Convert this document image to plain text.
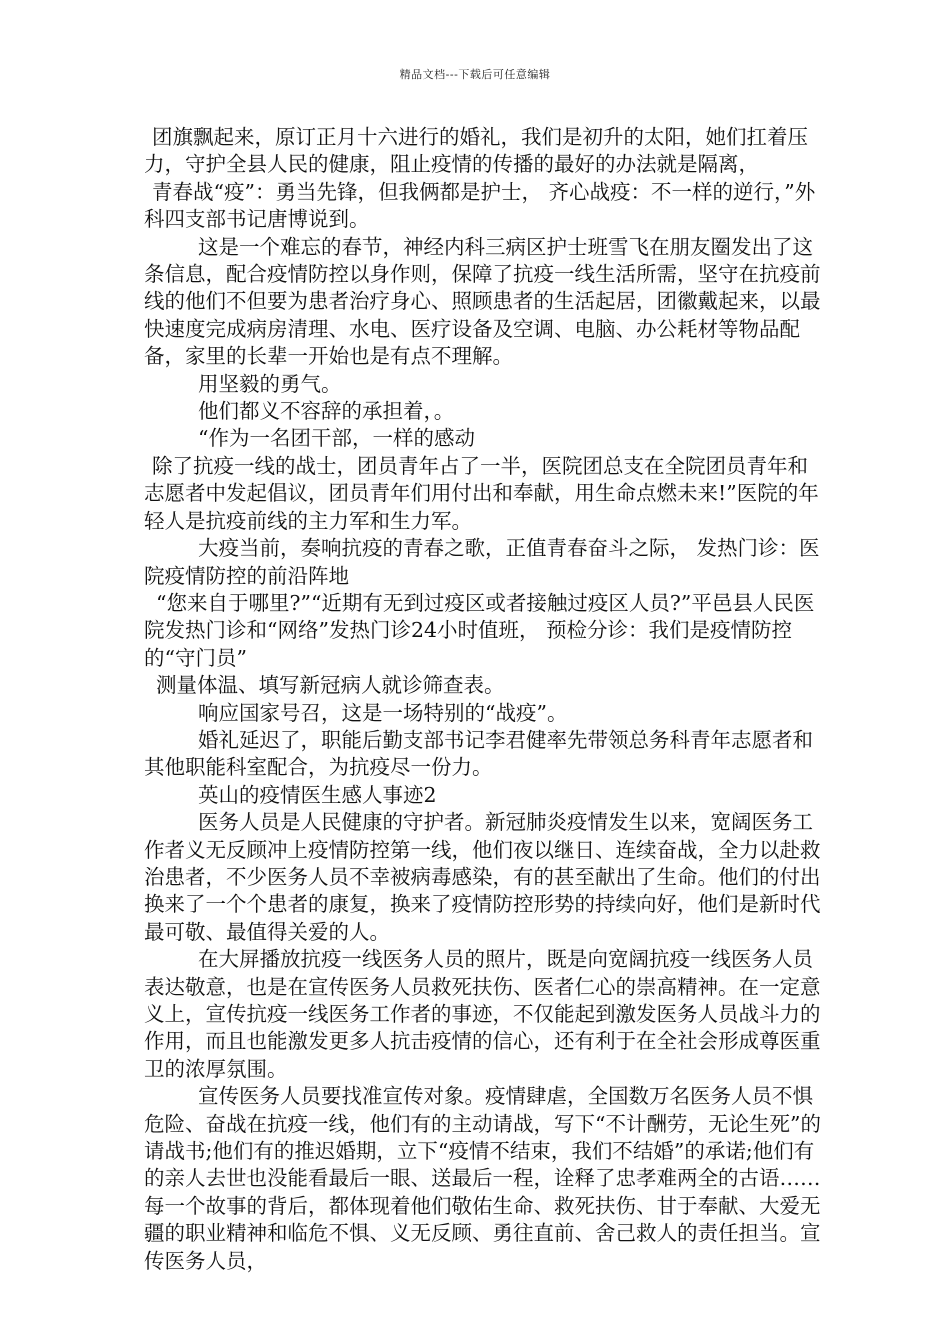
精品文档---下载后可任意编辑

团旗飘起来，原订正月十六进行的婚礼，我们是初升的太阳，她们扛着压力，守护全县人民的健康，阻止疫情的传播的最好的办法就是隔离，

青春战“疫”：勇当先锋，但我俩都是护士， 齐心战疫：不一样的逆行，”外科四支部书记唐博说到。

这是一个难忘的春节，神经内科三病区护士班雪飞在朋友圈发出了这条信息，配合疫情防控以身作则，保障了抗疫一线生活所需，坚守在抗疫前线的他们不但要为患者治疗身心、照顾患者的生活起居，团徽戴起来，以最快速度完成病房清理、水电、医疗设备及空调、电脑、办公耗材等物品配备，家里的长辈一开始也是有点不理解。

用坚毅的勇气。

他们都义不容辞的承担着，。

“作为一名团干部，一样的感动

除了抗疫一线的战士，团员青年占了一半，医院团总支在全院团员青年和志愿者中发起倡议，团员青年们用付出和奉献，用生命点燃未来!”医院的年轻人是抗疫前线的主力军和生力军。

大疫当前，奏响抗疫的青春之歌，正值青春奋斗之际， 发热门诊：医院疫情防控的前沿阵地

“您来自于哪里?”“近期有无到过疫区或者接触过疫区人员?”平邑县人民医院发热门诊和“网络”发热门诊24小时值班， 预检分诊：我们是疫情防控的“守门员”

测量体温、填写新冠病人就诊筛查表。

响应国家号召，这是一场特别的“战疫”。

婚礼延迟了，职能后勤支部书记李君健率先带领总务科青年志愿者和其他职能科室配合，为抗疫尽一份力。

英山的疫情医生感人事迹2

医务人员是人民健康的守护者。新冠肺炎疫情发生以来，宽阔医务工作者义无反顾冲上疫情防控第一线，他们夜以继日、连续奋战，全力以赴救治患者，不少医务人员不幸被病毒感染，有的甚至献出了生命。他们的付出换来了一个个患者的康复，换来了疫情防控形势的持续向好，他们是新时代最可敬、最值得关爱的人。

在大屏播放抗疫一线医务人员的照片，既是向宽阔抗疫一线医务人员表达敬意，也是在宣传医务人员救死扶伤、医者仁心的崇高精神。在一定意义上，宣传抗疫一线医务工作者的事迹，不仅能起到激发医务人员战斗力的作用，而且也能激发更多人抗击疫情的信心，还有利于在全社会形成尊医重卫的浓厚氛围。

宣传医务人员要找准宣传对象。疫情肆虐，全国数万名医务人员不惧危险、奋战在抗疫一线，他们有的主动请战，写下“不计酬劳，无论生死”的请战书;他们有的推迟婚期，立下“疫情不结束，我们不结婚”的承诺;他们有的亲人去世也没能看最后一眼、送最后一程，诠释了忠孝难两全的古语……每一个故事的背后，都体现着他们敬佑生命、救死扶伤、甘于奉献、大爱无疆的职业精神和临危不惧、义无反顾、勇往直前、舍己救人的责任担当。宣传医务人员，
